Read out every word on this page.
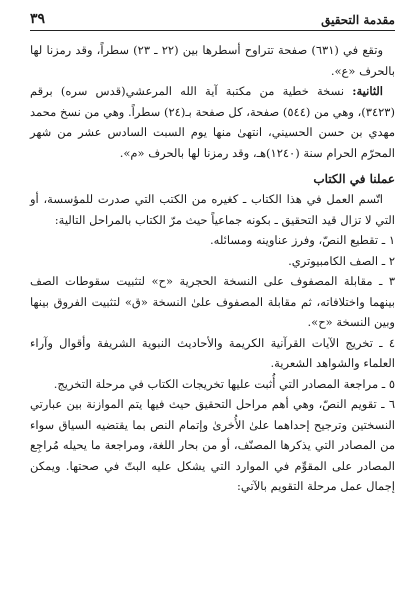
مقدمة التحقيق
٣٩

وتقع في (٦٣١) صفحة تتراوح أسطرها بين (٢٢ ـ ٢٣) سطراً، وقد رمزنا لها بالحرف «ع».

الثانية: نسخة خطية من مكتبة آية الله المرعشي(قدس سره) برقم (٣٤٢٣)، وهي من (٥٤٤) صفحة، كل صفحة بـ(٢٤) سطراً. وهي من نسخ محمد مهدي بن حسن الحسيني، انتهىٰ منها يوم السبت السادس عشر من شهر المحرّم الحرام سنة (١٢٤٠)هـ، وقد رمزنا لها بالحرف «م».

عملنا في الكتاب

اتّسم العمل في هذا الكتاب ـ كغيره من الكتب التي صدرت للمؤسسة، أو التي لا تزال قيد التحقيق ـ بكونه جماعياً حيث مرّ الكتاب بالمراحل التالية:

١ ـ تقطيع النصّ، وفرز عناوينه ومسائله.

٢ ـ الصف الكامبيوتري.

٣ ـ مقابلة المصفوف على النسخة الحجرية «ح» لتثبيت سقوطات الصف بينهما واختلافاته، ثم مقابلة المصفوف علىٰ النسخة «ق» لتثبيت الفروق بينها وبين النسخة «ح».

٤ ـ تخريج الآيات القرآنية الكريمة والأحاديث النبوية الشريفة وأقوال وآراء العلماء والشواهد الشعرية.

٥ ـ مراجعة المصادر التي أُثبت عليها تخريجات الكتاب في مرحلة التخريج.

٦ ـ تقويم النصّ، وهي أهم مراحل التحقيق حيث فيها يتم الموازنة بين عبارتي النسختين وترجيح إحداهما علىٰ الأُخرىٰ وإتمام النص بما يقتضيه السياق سواء من المصادر التي يذكرها المصنّف، أو من بحار اللغة، ومراجعة ما يحيله مُراجِع المصادر على المقوِّم في الموارد التي يشكل عليه البتّ في صحتها. ويمكن إجمال عمل مرحلة التقويم بالآتي:
